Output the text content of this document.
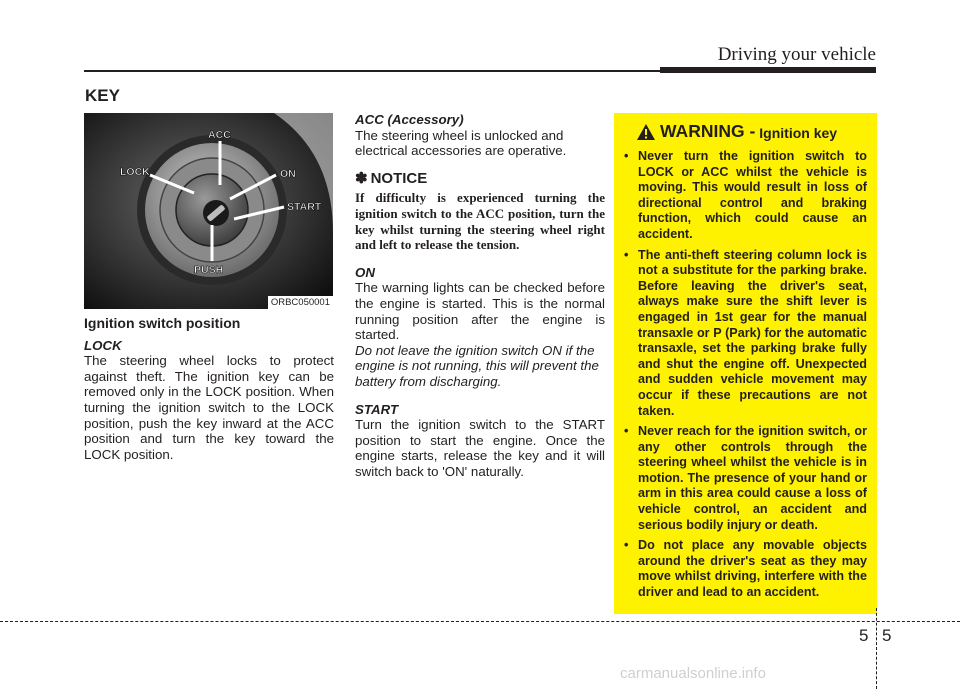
Driving your vehicle
KEY
ACC
ON
START
LOCK
PUSH
ORBC050001
Ignition switch position
LOCK

The steering wheel locks to protect against theft. The ignition key can be removed only in the LOCK position. When turning the ignition switch to the LOCK position, push the key inward at the ACC position and turn the key toward the LOCK position.

ACC (Accessory)

The steering wheel is unlocked and electrical accessories are operative.

✽ NOTICE

If difficulty is experienced turning the ignition switch to the ACC position, turn the key whilst turning the steering wheel right and left to release the tension.

ON

The warning lights can be checked before the engine is started. This is the normal running position after the engine is started.

Do not leave the ignition switch ON if the engine is not running, this will prevent the battery from discharging.

START

Turn the ignition switch to the START position to start the engine. Once the engine starts, release the key and it will switch back to 'ON' naturally.

WARNING - Ignition key
• Never turn the ignition switch to LOCK or ACC whilst the vehicle is moving. This would result in loss of directional control and braking function, which could cause an accident.
• The anti-theft steering column lock is not a substitute for the parking brake. Before leaving the driver's seat, always make sure the shift lever is engaged in 1st gear for the manual transaxle or P (Park) for the automatic transaxle, set the parking brake fully and shut the engine off. Unexpected and sudden vehicle movement may occur if these precautions are not taken.
• Never reach for the ignition switch, or any other controls through the steering wheel whilst the vehicle is in motion. The presence of your hand or arm in this area could cause a loss of vehicle control, an accident and serious bodily injury or death.
• Do not place any movable objects around the driver's seat as they may move whilst driving, interfere with the driver and lead to an accident.
5 5
carmanualsonline.info
